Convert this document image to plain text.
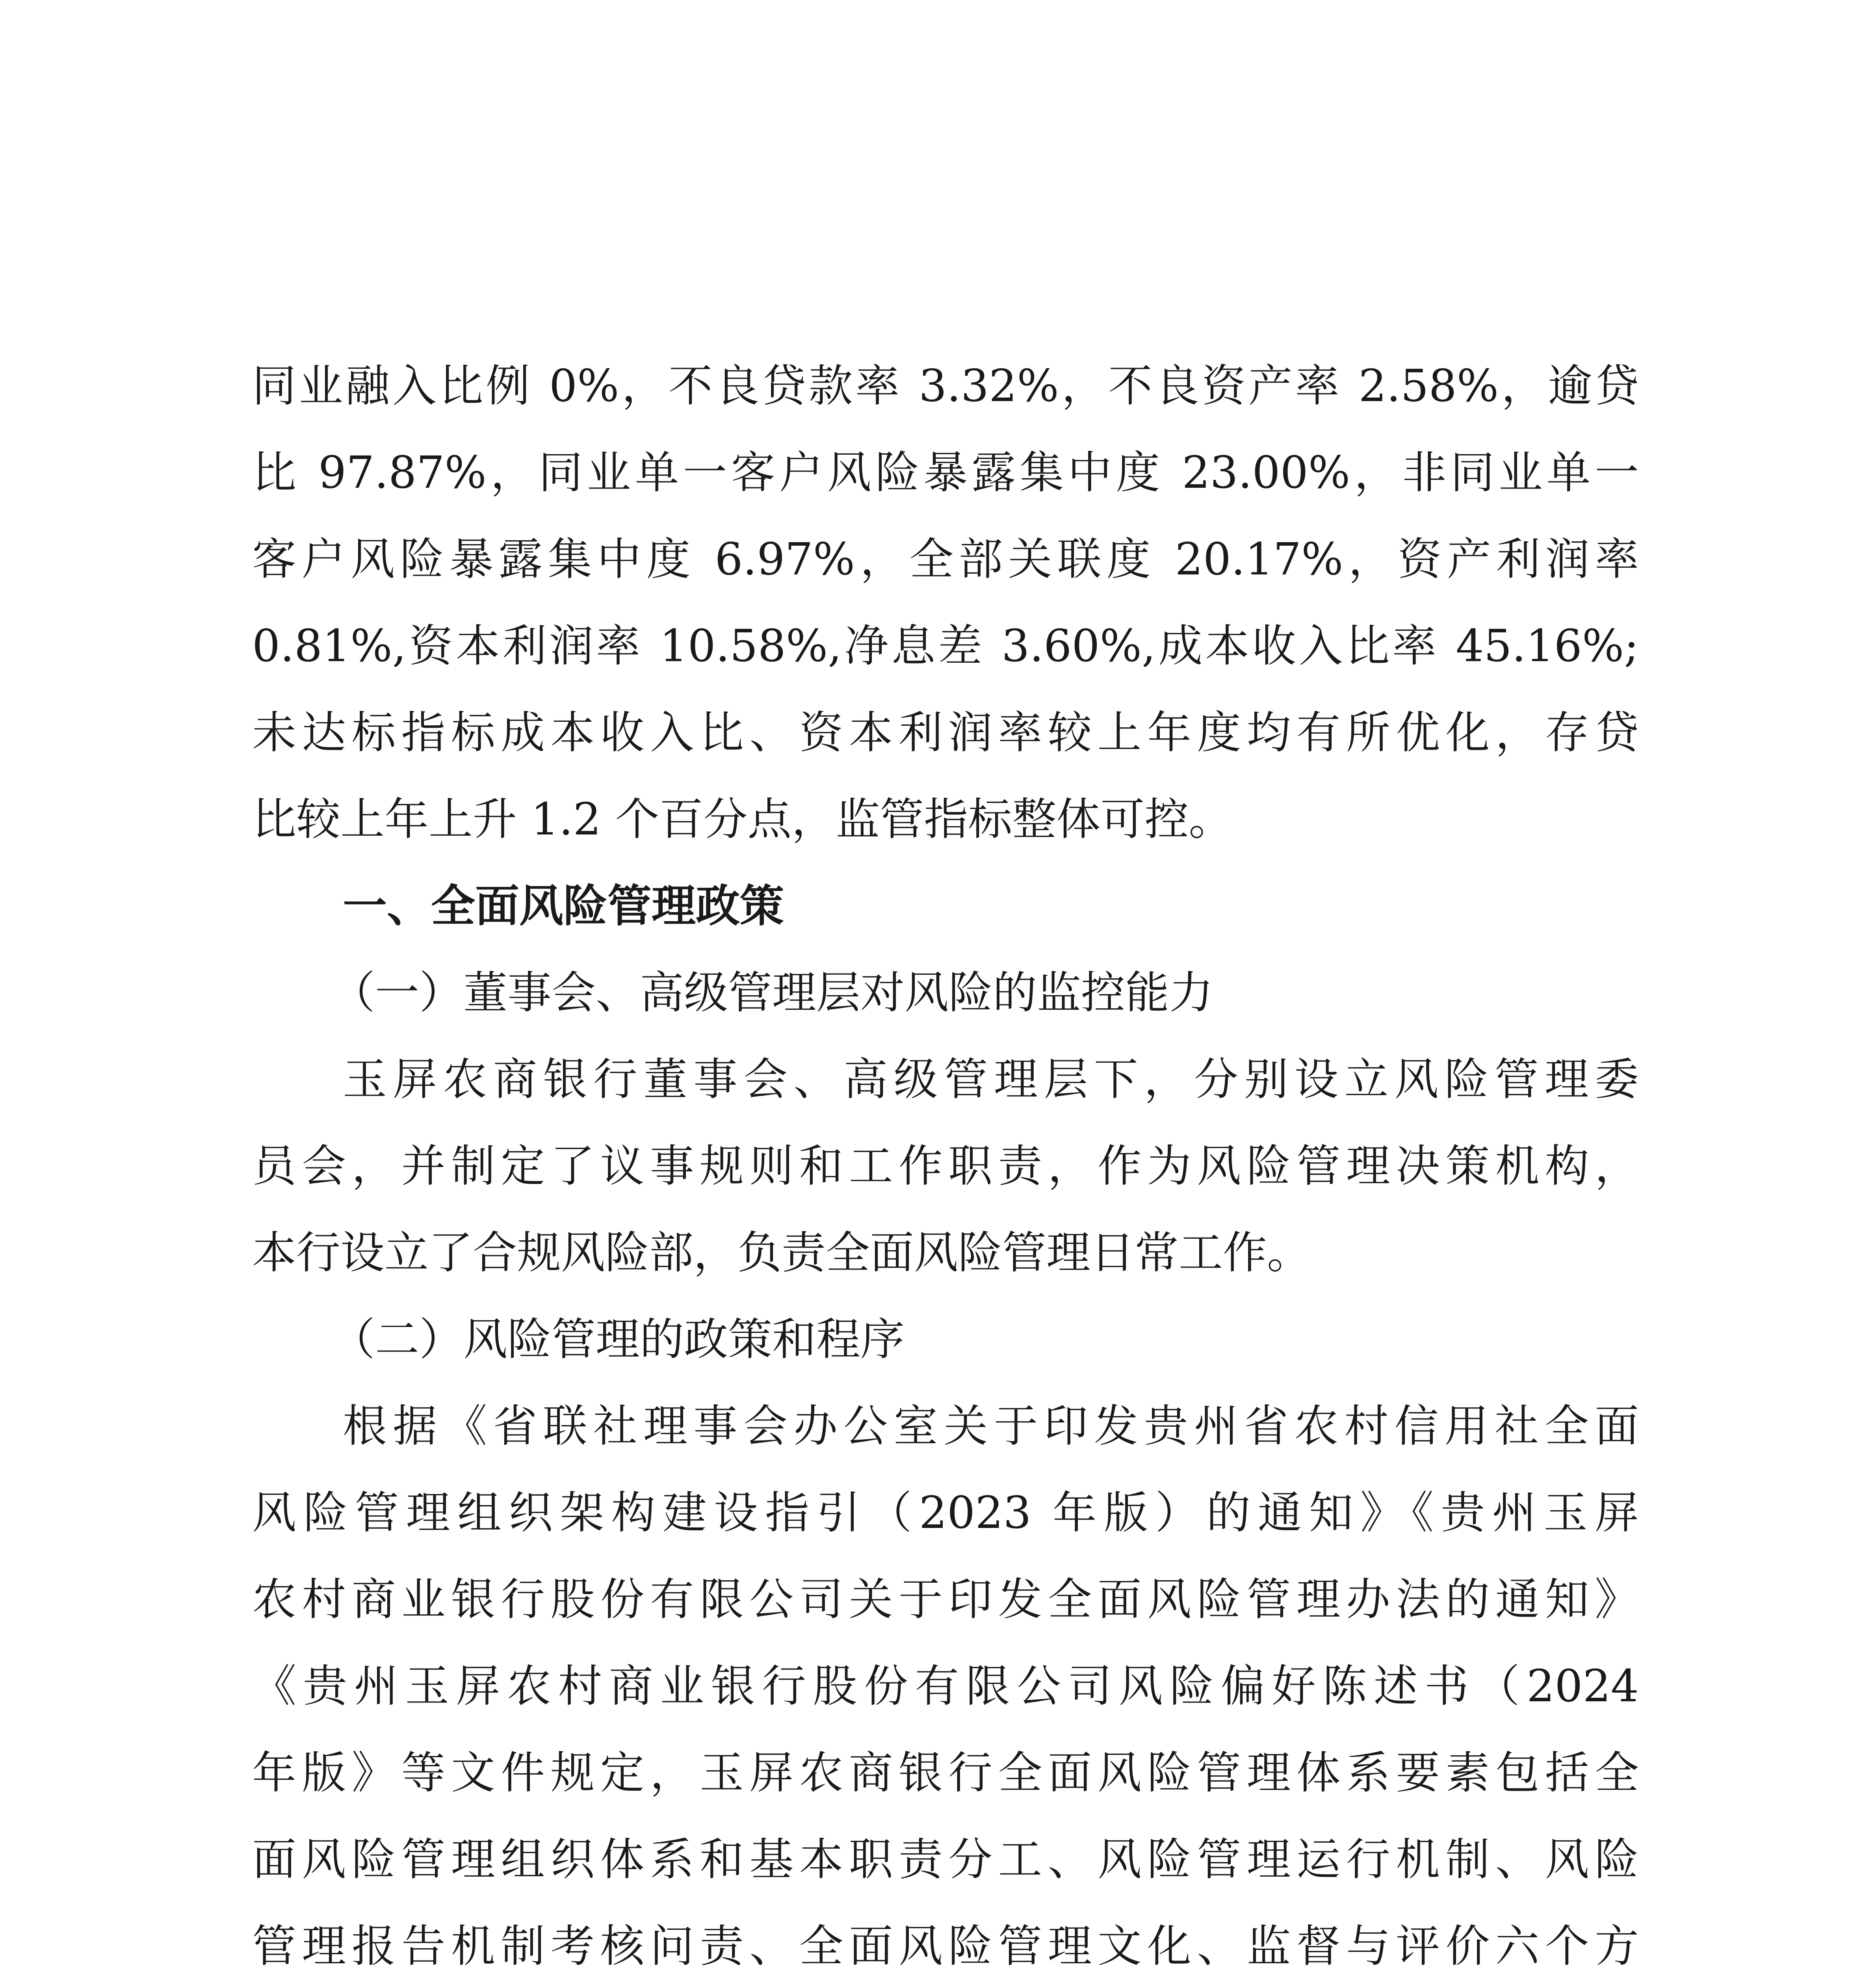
同业融入比例 0%，不良贷款率 3.32%，不良资产率 2.58%，逾贷
比 97.87%，同业单一客户风险暴露集中度 23.00%，非同业单一
客户风险暴露集中度 6.97%，全部关联度 20.17%，资产利润率
0.81%,资本利润率 10.58%,净息差 3.60%,成本收入比率 45.16%;
未达标指标成本收入比、资本利润率较上年度均有所优化，存贷
比较上年上升 1.2 个百分点，监管指标整体可控。
一、全面风险管理政策
（一）董事会、高级管理层对风险的监控能力
玉屏农商银行董事会、高级管理层下，分别设立风险管理委
员会，并制定了议事规则和工作职责，作为风险管理决策机构，
本行设立了合规风险部，负责全面风险管理日常工作。
（二）风险管理的政策和程序
根据《省联社理事会办公室关于印发贵州省农村信用社全面
风险管理组织架构建设指引（2023 年版）的通知》《贵州玉屏
农村商业银行股份有限公司关于印发全面风险管理办法的通知》
《贵州玉屏农村商业银行股份有限公司风险偏好陈述书（2024
年版》等文件规定，玉屏农商银行全面风险管理体系要素包括全
面风险管理组织体系和基本职责分工、风险管理运行机制、风险
管理报告机制考核问责、全面风险管理文化、监督与评价六个方
